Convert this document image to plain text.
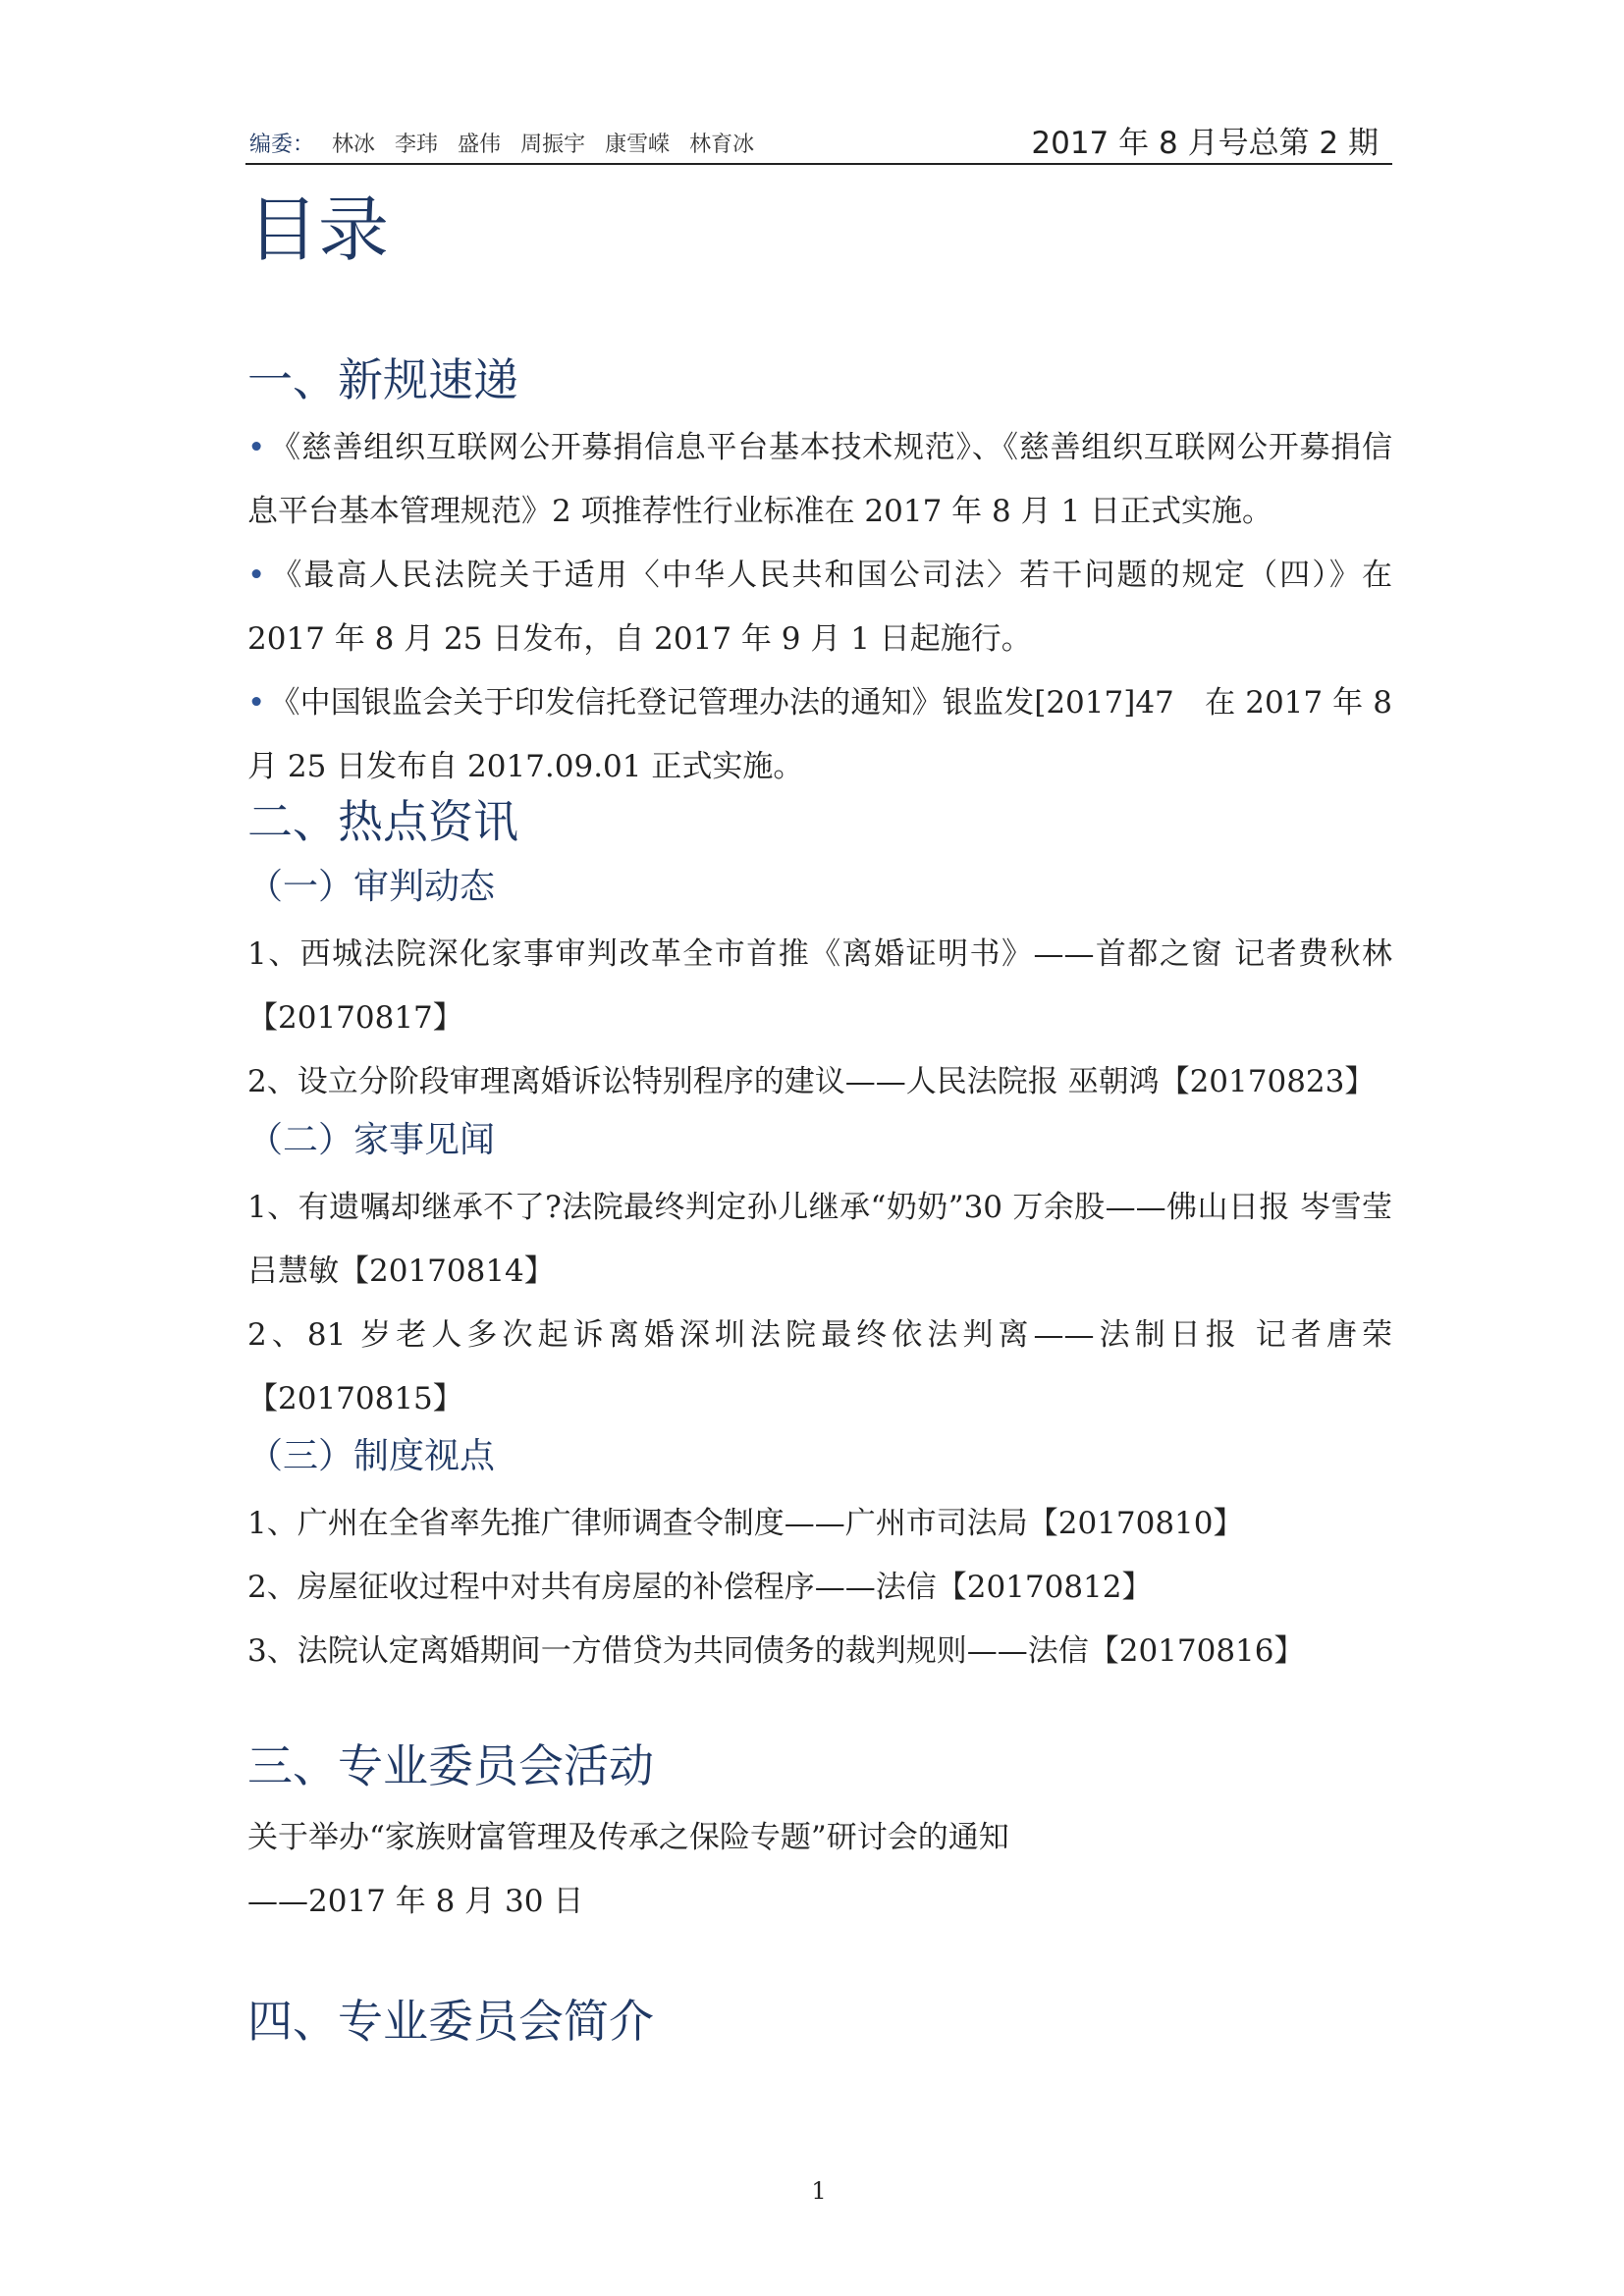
编委： 林冰 李玮 盛伟 周振宇 康雪嵘 林育冰	2017 年 8 月号总第 2 期
目录
一、新规速递
• 《慈善组织互联网公开募捐信息平台基本技术规范》、《慈善组织互联网公开募捐信息平台基本管理规范》2 项推荐性行业标准在 2017 年 8 月 1 日正式实施。
• 《最高人民法院关于适用〈中华人民共和国公司法〉若干问题的规定（四）》在 2017 年 8 月 25 日发布，自 2017 年 9 月 1 日起施行。
• 《中国银监会关于印发信托登记管理办法的通知》银监发[2017]47　在 2017 年 8 月 25 日发布自 2017.09.01 正式实施。
二、热点资讯
（一）审判动态
1、西城法院深化家事审判改革全市首推《离婚证明书》——首都之窗 记者费秋林【20170817】
2、设立分阶段审理离婚诉讼特别程序的建议——人民法院报 巫朝鸿【20170823】
（二）家事见闻
1、有遗嘱却继承不了?法院最终判定孙儿继承“奶奶”30 万余股——佛山日报 岑雪莹 吕慧敏【20170814】
2、81 岁老人多次起诉离婚深圳法院最终依法判离——法制日报 记者唐荣【20170815】
（三）制度视点
1、广州在全省率先推广律师调查令制度——广州市司法局【20170810】
2、房屋征收过程中对共有房屋的补偿程序——法信【20170812】
3、法院认定离婚期间一方借贷为共同债务的裁判规则——法信【20170816】
三、专业委员会活动
关于举办“家族财富管理及传承之保险专题”研讨会的通知
——2017 年 8 月 30 日
四、专业委员会简介
1
